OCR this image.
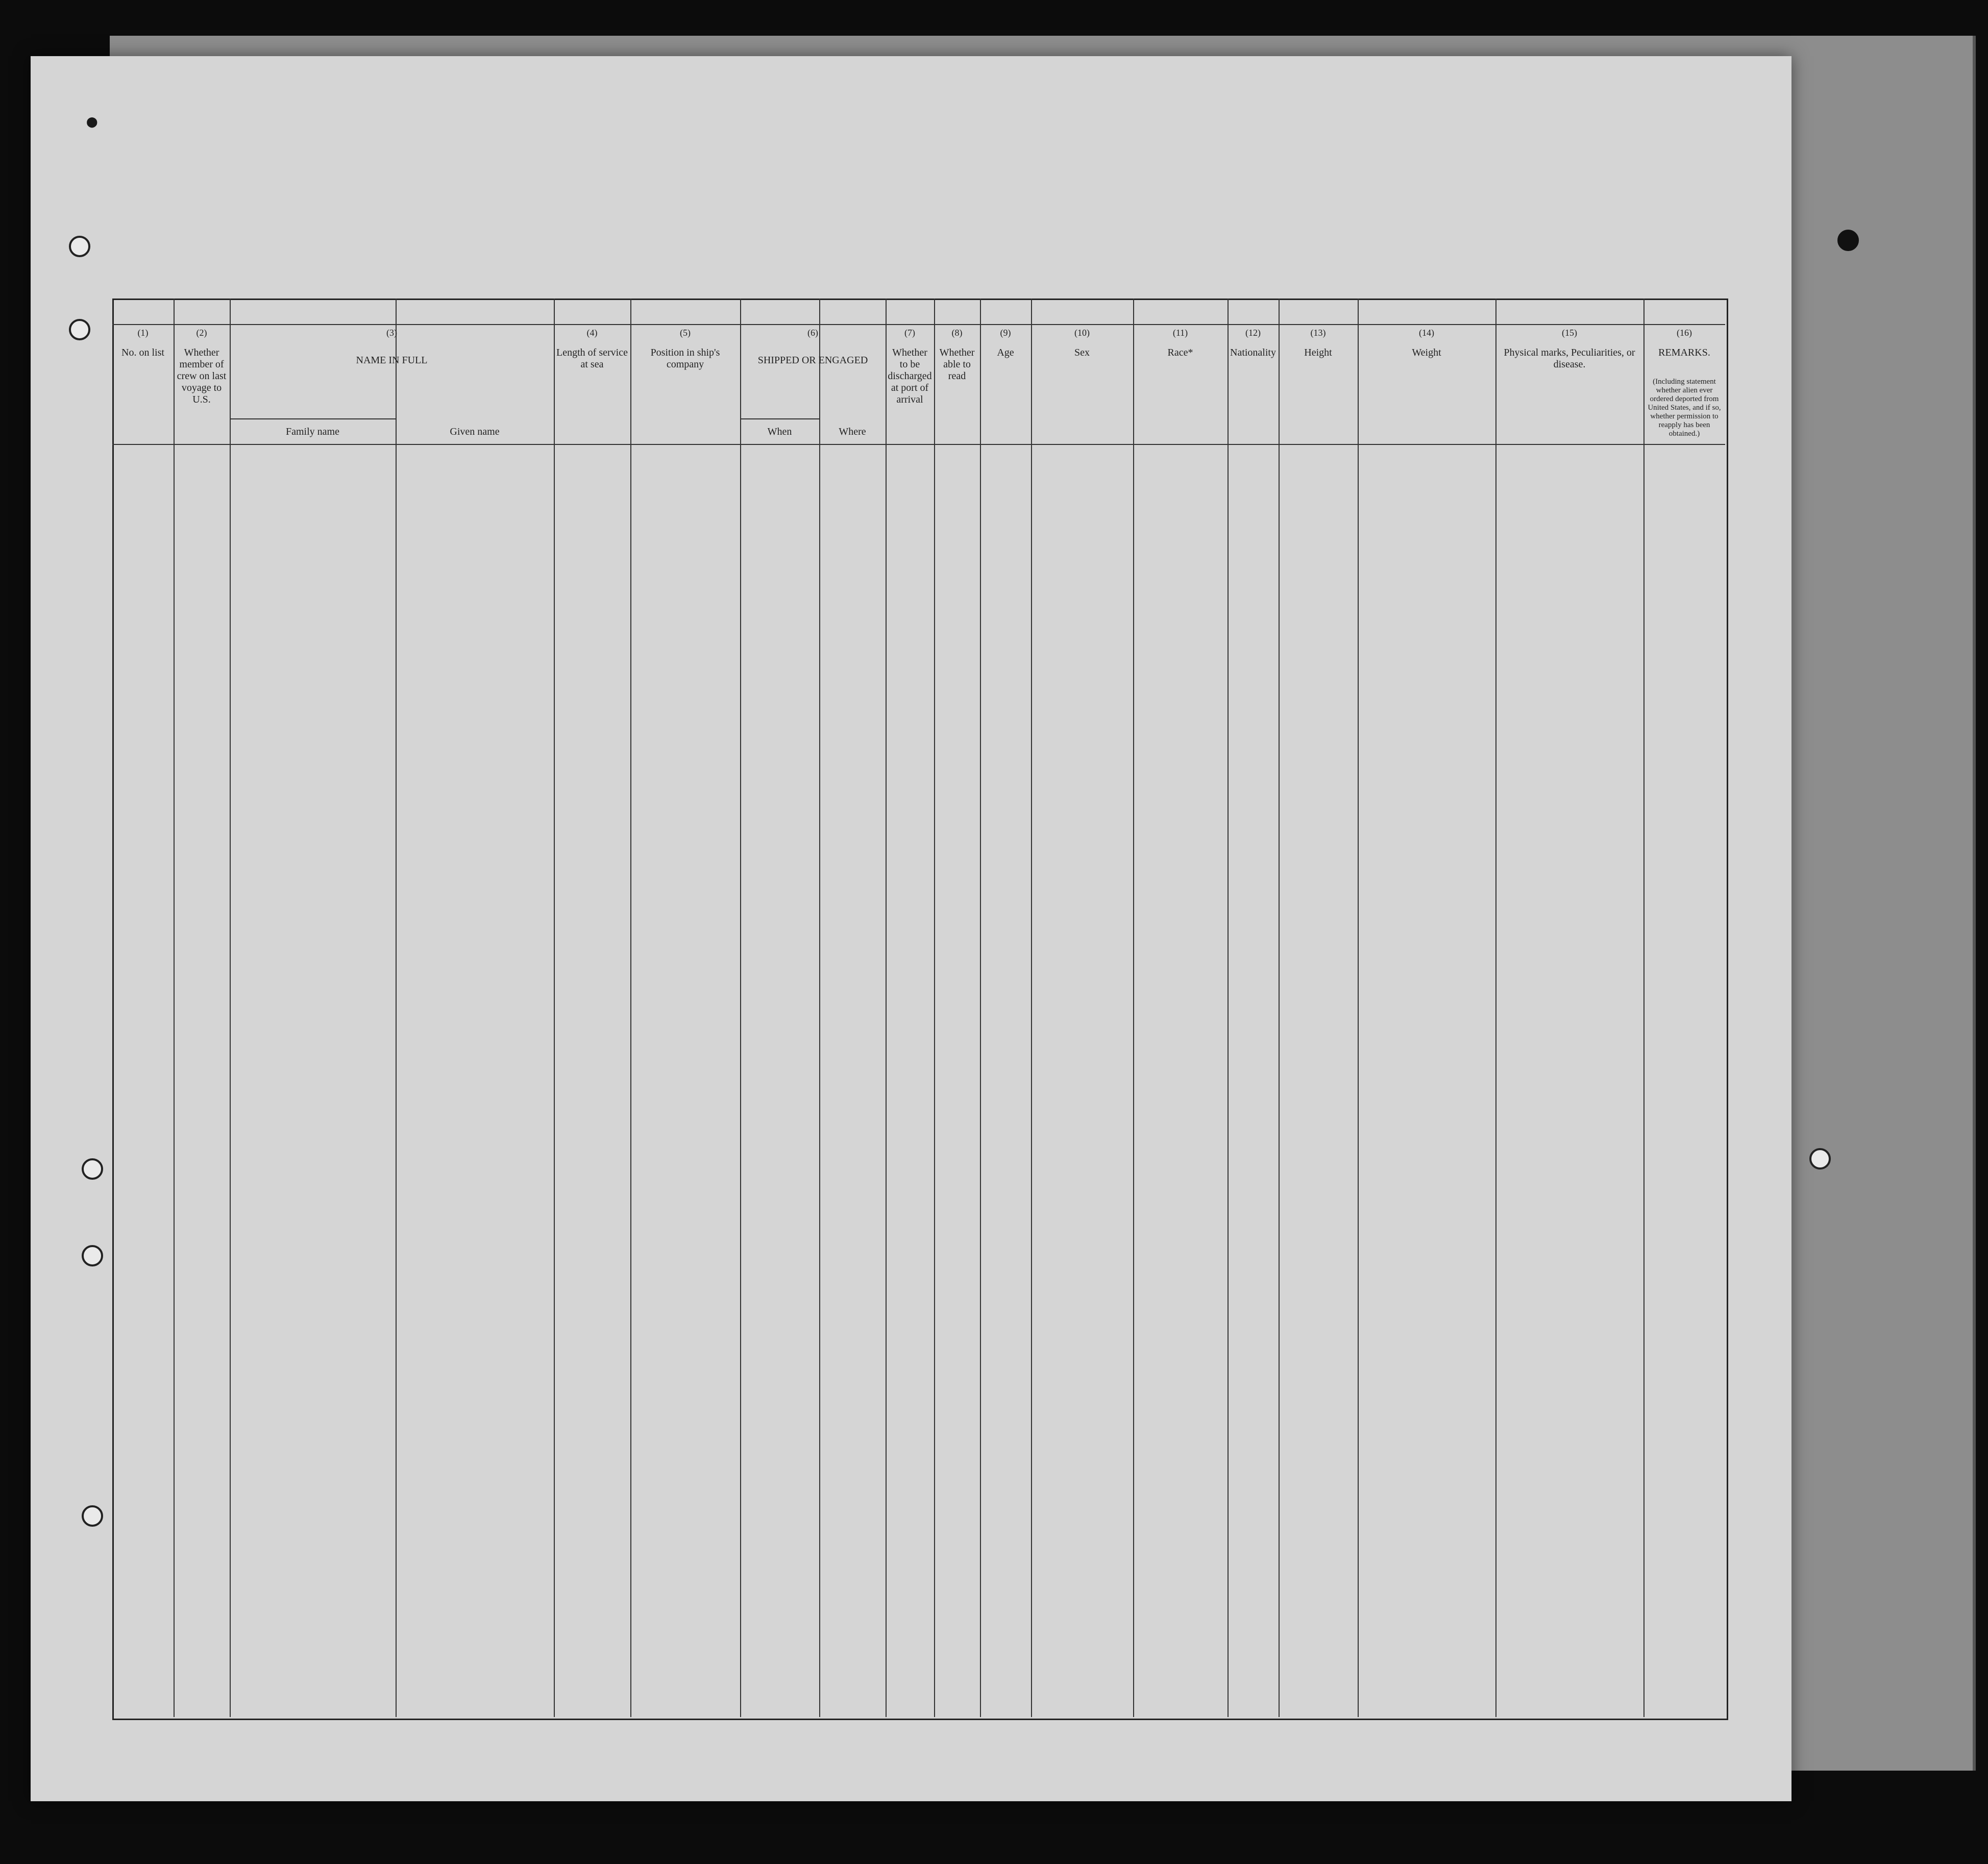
●
(1)
No. on list
(2)
Whether member of crew on last voyage to U.S.
(3)
NAME IN FULL
Family name	Given name
(4)
Length of service at sea
(5)
Position in ship's company
(6)
SHIPPED OR ENGAGED
When	Where
(7)
Whether to be discharged at port of arrival
(8)
Whether able to read
(9)
Age
(10)
Sex
(11)
Race*
(12)
Nationality
(13)
Height
(14)
Weight
(15)
Physical marks, Peculiarities, or disease.
(16)
REMARKS.
(Including statement whether alien ever ordered deported from United States, and if so, whether permission to reapply has been obtained.)
